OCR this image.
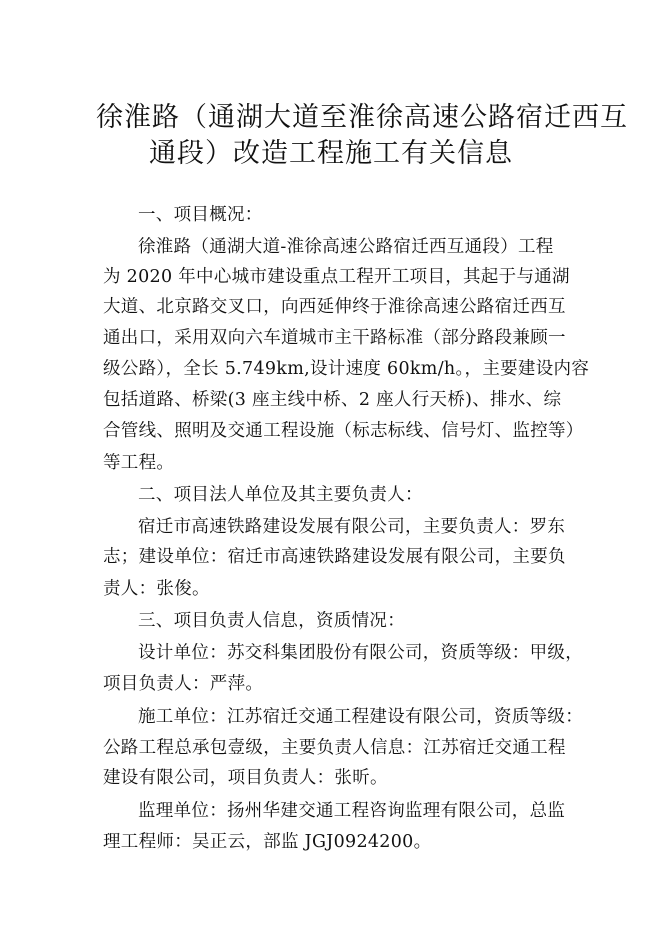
徐淮路（通湖大道至淮徐高速公路宿迁西互
通段）改造工程施工有关信息
一、项目概况：
徐淮路（通湖大道-淮徐高速公路宿迁西互通段）工程
为 2020 年中心城市建设重点工程开工项目，其起于与通湖
大道、北京路交叉口，向西延伸终于淮徐高速公路宿迁西互
通出口，采用双向六车道城市主干路标准（部分路段兼顾一
级公路），全长 5.749km,设计速度 60km/h。，主要建设内容
包括道路、桥梁(3 座主线中桥、2 座人行天桥)、排水、综
合管线、照明及交通工程设施（标志标线、信号灯、监控等）
等工程。
二、项目法人单位及其主要负责人：
宿迁市高速铁路建设发展有限公司，主要负责人：罗东
志；建设单位：宿迁市高速铁路建设发展有限公司，主要负
责人：张俊。
三、项目负责人信息，资质情况：
设计单位：苏交科集团股份有限公司，资质等级：甲级，
项目负责人：严萍。
施工单位：江苏宿迁交通工程建设有限公司，资质等级：
公路工程总承包壹级，主要负责人信息：江苏宿迁交通工程
建设有限公司，项目负责人：张昕。
监理单位：扬州华建交通工程咨询监理有限公司，总监
理工程师：吴正云，部监 JGJ0924200。
